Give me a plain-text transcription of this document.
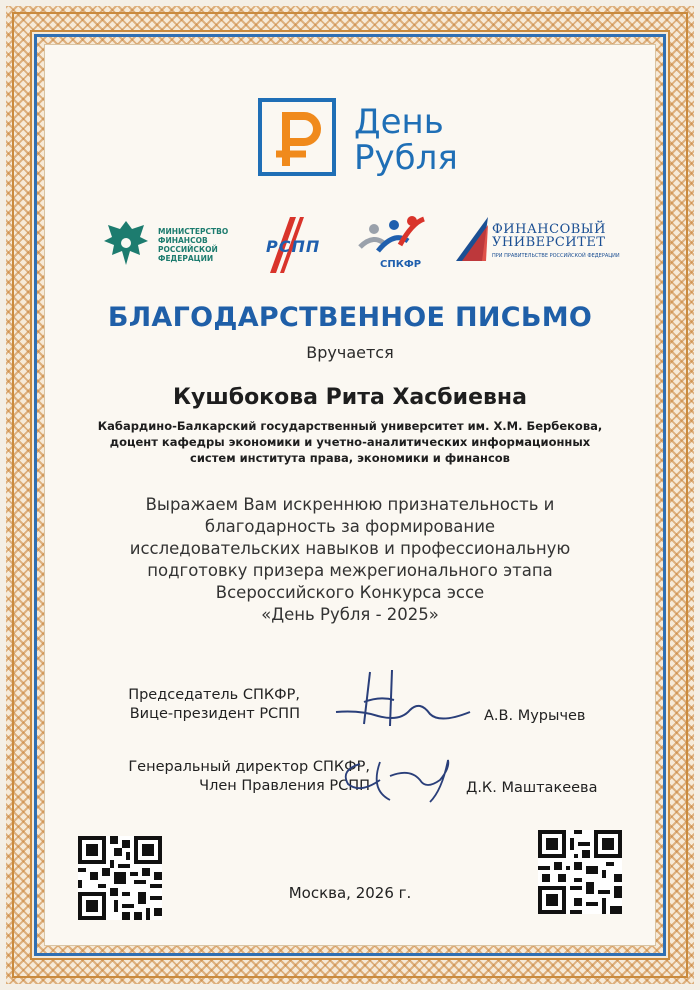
День
Рубля
МИНИСТЕРСТВО ФИНАНСОВ РОССИЙСКОЙ ФЕДЕРАЦИИ
РСПП
СПКФР
ФИНАНСОВЫЙ
УНИВЕРСИТЕТ
ПРИ ПРАВИТЕЛЬСТВЕ РОССИЙСКОЙ ФЕДЕРАЦИИ
БЛАГОДАРСТВЕННОЕ ПИСЬМО
Вручается
Кушбокова Рита Хасбиевна
Кабардино-Балкарский государственный университет им. Х.М. Бербекова,
доцент кафедры экономики и учетно-аналитических информационных
систем института права, экономики и финансов
Выражаем Вам искреннюю признательность и
благодарность за формирование
исследовательских навыков и профессиональную
подготовку призера межрегионального этапа
Всероссийского Конкурса эссе
«День Рубля - 2025»
Председатель СПКФР,
Вице-президент РСПП	А.В. Мурычев
Генеральный директор СПКФР,
Член Правления РСПП	Д.К. Маштакеева
Москва, 2026 г.
